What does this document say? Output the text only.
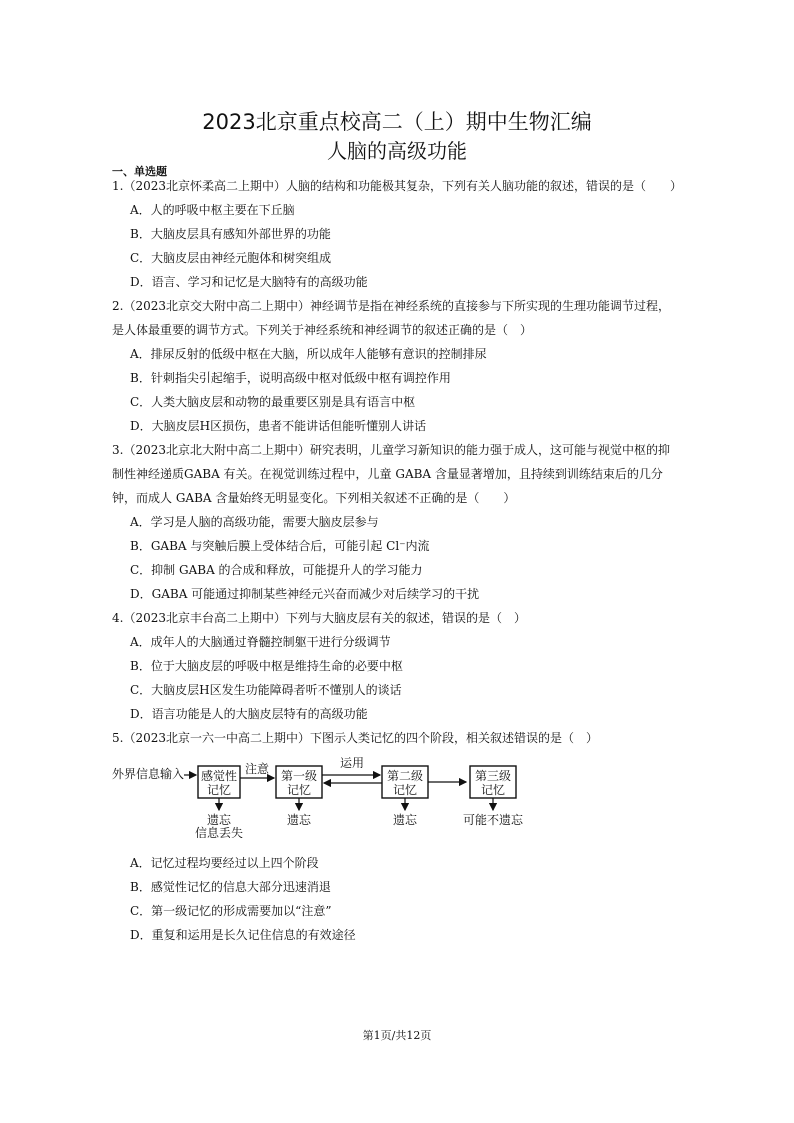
2023北京重点校高二（上）期中生物汇编
人脑的高级功能
一、单选题
1.（2023北京怀柔高二上期中）人脑的结构和功能极其复杂，下列有关人脑功能的叙述，错误的是（　　）
A．人的呼吸中枢主要在下丘脑
B．大脑皮层具有感知外部世界的功能
C．大脑皮层由神经元胞体和树突组成
D．语言、学习和记忆是大脑特有的高级功能
2.（2023北京交大附中高二上期中）神经调节是指在神经系统的直接参与下所实现的生理功能调节过程，
是人体最重要的调节方式。下列关于神经系统和神经调节的叙述正确的是（　）
A．排尿反射的低级中枢在大脑，所以成年人能够有意识的控制排尿
B．针刺指尖引起缩手，说明高级中枢对低级中枢有调控作用
C．人类大脑皮层和动物的最重要区别是具有语言中枢
D．大脑皮层H区损伤，患者不能讲话但能听懂别人讲话
3.（2023北京北大附中高二上期中）研究表明，儿童学习新知识的能力强于成人，这可能与视觉中枢的抑
制性神经递质GABA 有关。在视觉训练过程中，儿童 GABA 含量显著增加，且持续到训练结束后的几分
钟，而成人 GABA 含量始终无明显变化。下列相关叙述不正确的是（　　）
A．学习是人脑的高级功能，需要大脑皮层参与
B．GABA 与突触后膜上受体结合后，可能引起 Cl⁻内流
C．抑制 GABA 的合成和释放，可能提升人的学习能力
D．GABA 可能通过抑制某些神经元兴奋而减少对后续学习的干扰
4.（2023北京丰台高二上期中）下列与大脑皮层有关的叙述，错误的是（　）
A．成年人的大脑通过脊髓控制躯干进行分级调节
B．位于大脑皮层的呼吸中枢是维持生命的必要中枢
C．大脑皮层H区发生功能障碍者听不懂别人的谈话
D．语言功能是人的大脑皮层特有的高级功能
5.（2023北京一六一中高二上期中）下图示人类记忆的四个阶段，相关叙述错误的是（　）
外界信息输入 感觉性
记忆
注意 第一级
记忆
运用
第二级
记忆
第三级
记忆
遗忘
信息丢失
遗忘	遗忘	可能不遗忘
A．记忆过程均要经过以上四个阶段
B．感觉性记忆的信息大部分迅速消退
C．第一级记忆的形成需要加以“注意”
D．重复和运用是长久记住信息的有效途径
第1页/共12页
